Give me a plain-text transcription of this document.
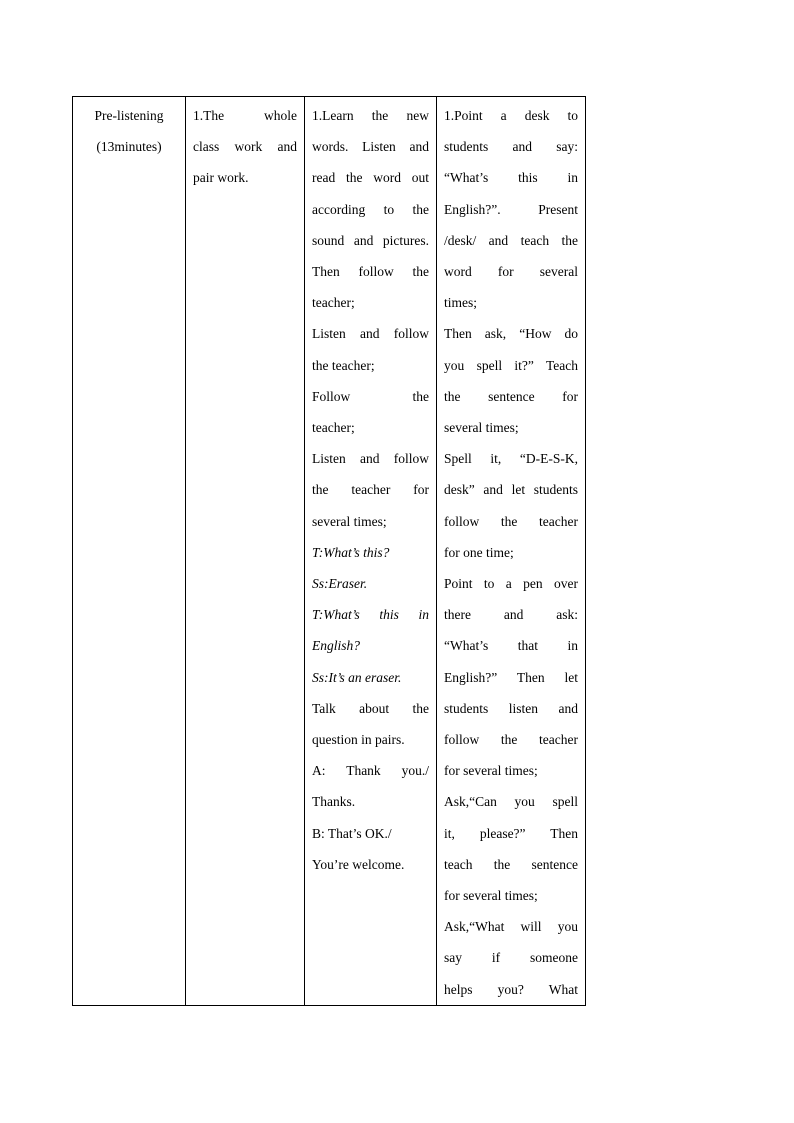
Pre-listening
(13minutes)

1.The whole
class work and
pair work.

1.Learn the new
words. Listen and
read the word out
according to the
sound and pictures.
Then follow the
teacher;
Listen and follow
the teacher;
Follow the
teacher;
Listen and follow
the teacher for
several times;
T:What’s this?
Ss:Eraser.
T:What’s this in
English?
Ss:It’s an eraser.
Talk about the
question in pairs.
A: Thank you./
Thanks.
B: That’s OK./
You’re welcome.

1.Point a desk to
students and say:
“What’s this in
English?”. Present
/desk/ and teach the
word for several
times;
Then ask, “How do
you spell it?” Teach
the sentence for
several times;
Spell it, “D-E-S-K,
desk” and let students
follow the teacher
for one time;
Point to a pen over
there and ask:
“What’s that in
English?” Then let
students listen and
follow the teacher
for several times;
Ask,“Can you spell
it, please?” Then
teach the sentence
for several times;
Ask,“What will you
say if someone
helps you? What
